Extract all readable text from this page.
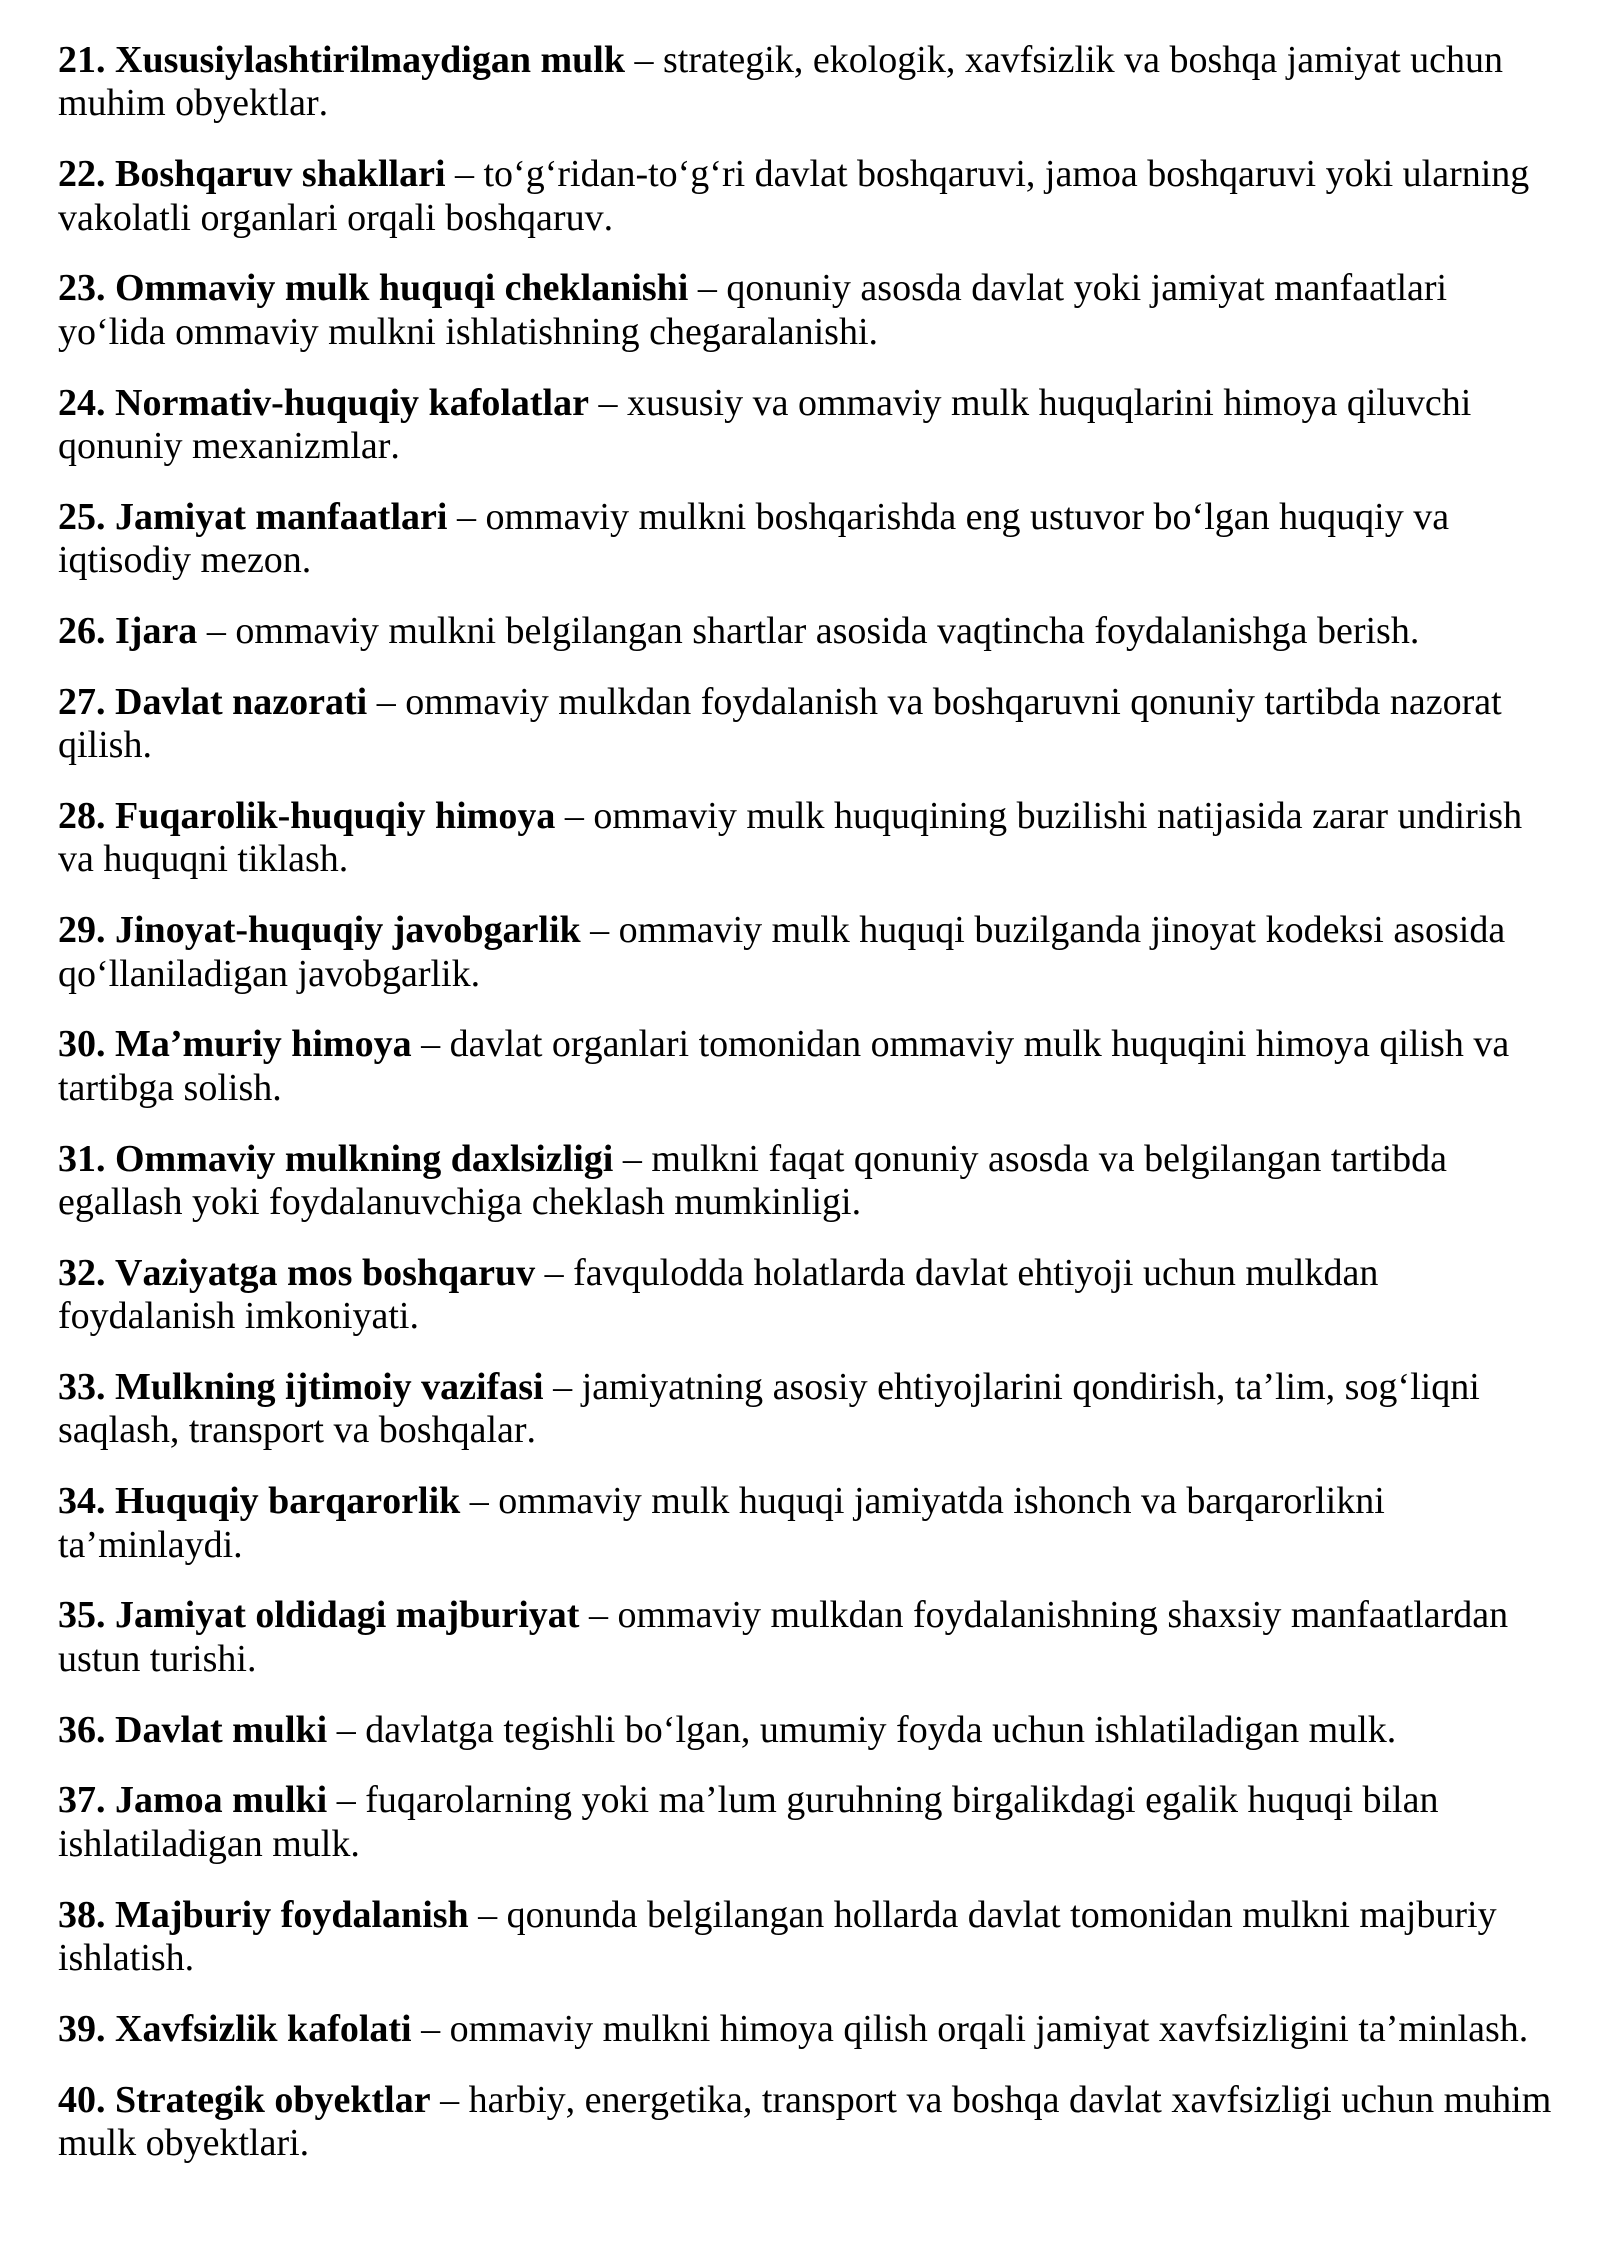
21. Xususiylashtirilmaydigan mulk – strategik, ekologik, xavfsizlik va boshqa jamiyat uchun muhim obyektlar.

22. Boshqaruv shakllari – to‘g‘ridan-to‘g‘ri davlat boshqaruvi, jamoa boshqaruvi yoki ularning vakolatli organlari orqali boshqaruv.

23. Ommaviy mulk huquqi cheklanishi – qonuniy asosda davlat yoki jamiyat manfaatlari yo‘lida ommaviy mulkni ishlatishning chegaralanishi.

24. Normativ-huquqiy kafolatlar – xususiy va ommaviy mulk huquqlarini himoya qiluvchi qonuniy mexanizmlar.

25. Jamiyat manfaatlari – ommaviy mulkni boshqarishda eng ustuvor bo‘lgan huquqiy va iqtisodiy mezon.

26. Ijara – ommaviy mulkni belgilangan shartlar asosida vaqtincha foydalanishga berish.

27. Davlat nazorati – ommaviy mulkdan foydalanish va boshqaruvni qonuniy tartibda nazorat qilish.

28. Fuqarolik-huquqiy himoya – ommaviy mulk huquqining buzilishi natijasida zarar undirish va huquqni tiklash.

29. Jinoyat-huquqiy javobgarlik – ommaviy mulk huquqi buzilganda jinoyat kodeksi asosida qo‘llaniladigan javobgarlik.

30. Ma’muriy himoya – davlat organlari tomonidan ommaviy mulk huquqini himoya qilish va tartibga solish.

31. Ommaviy mulkning daxlsizligi – mulkni faqat qonuniy asosda va belgilangan tartibda egallash yoki foydalanuvchiga cheklash mumkinligi.

32. Vaziyatga mos boshqaruv – favqulodda holatlarda davlat ehtiyoji uchun mulkdan foydalanish imkoniyati.

33. Mulkning ijtimoiy vazifasi – jamiyatning asosiy ehtiyojlarini qondirish, ta’lim, sog‘liqni saqlash, transport va boshqalar.

34. Huquqiy barqarorlik – ommaviy mulk huquqi jamiyatda ishonch va barqarorlikni ta’minlaydi.

35. Jamiyat oldidagi majburiyat – ommaviy mulkdan foydalanishning shaxsiy manfaatlardan ustun turishi.

36. Davlat mulki – davlatga tegishli bo‘lgan, umumiy foyda uchun ishlatiladigan mulk.

37. Jamoa mulki – fuqarolarning yoki ma’lum guruhning birgalikdagi egalik huquqi bilan ishlatiladigan mulk.

38. Majburiy foydalanish – qonunda belgilangan hollarda davlat tomonidan mulkni majburiy ishlatish.

39. Xavfsizlik kafolati – ommaviy mulkni himoya qilish orqali jamiyat xavfsizligini ta’minlash.

40. Strategik obyektlar – harbiy, energetika, transport va boshqa davlat xavfsizligi uchun muhim mulk obyektlari.
